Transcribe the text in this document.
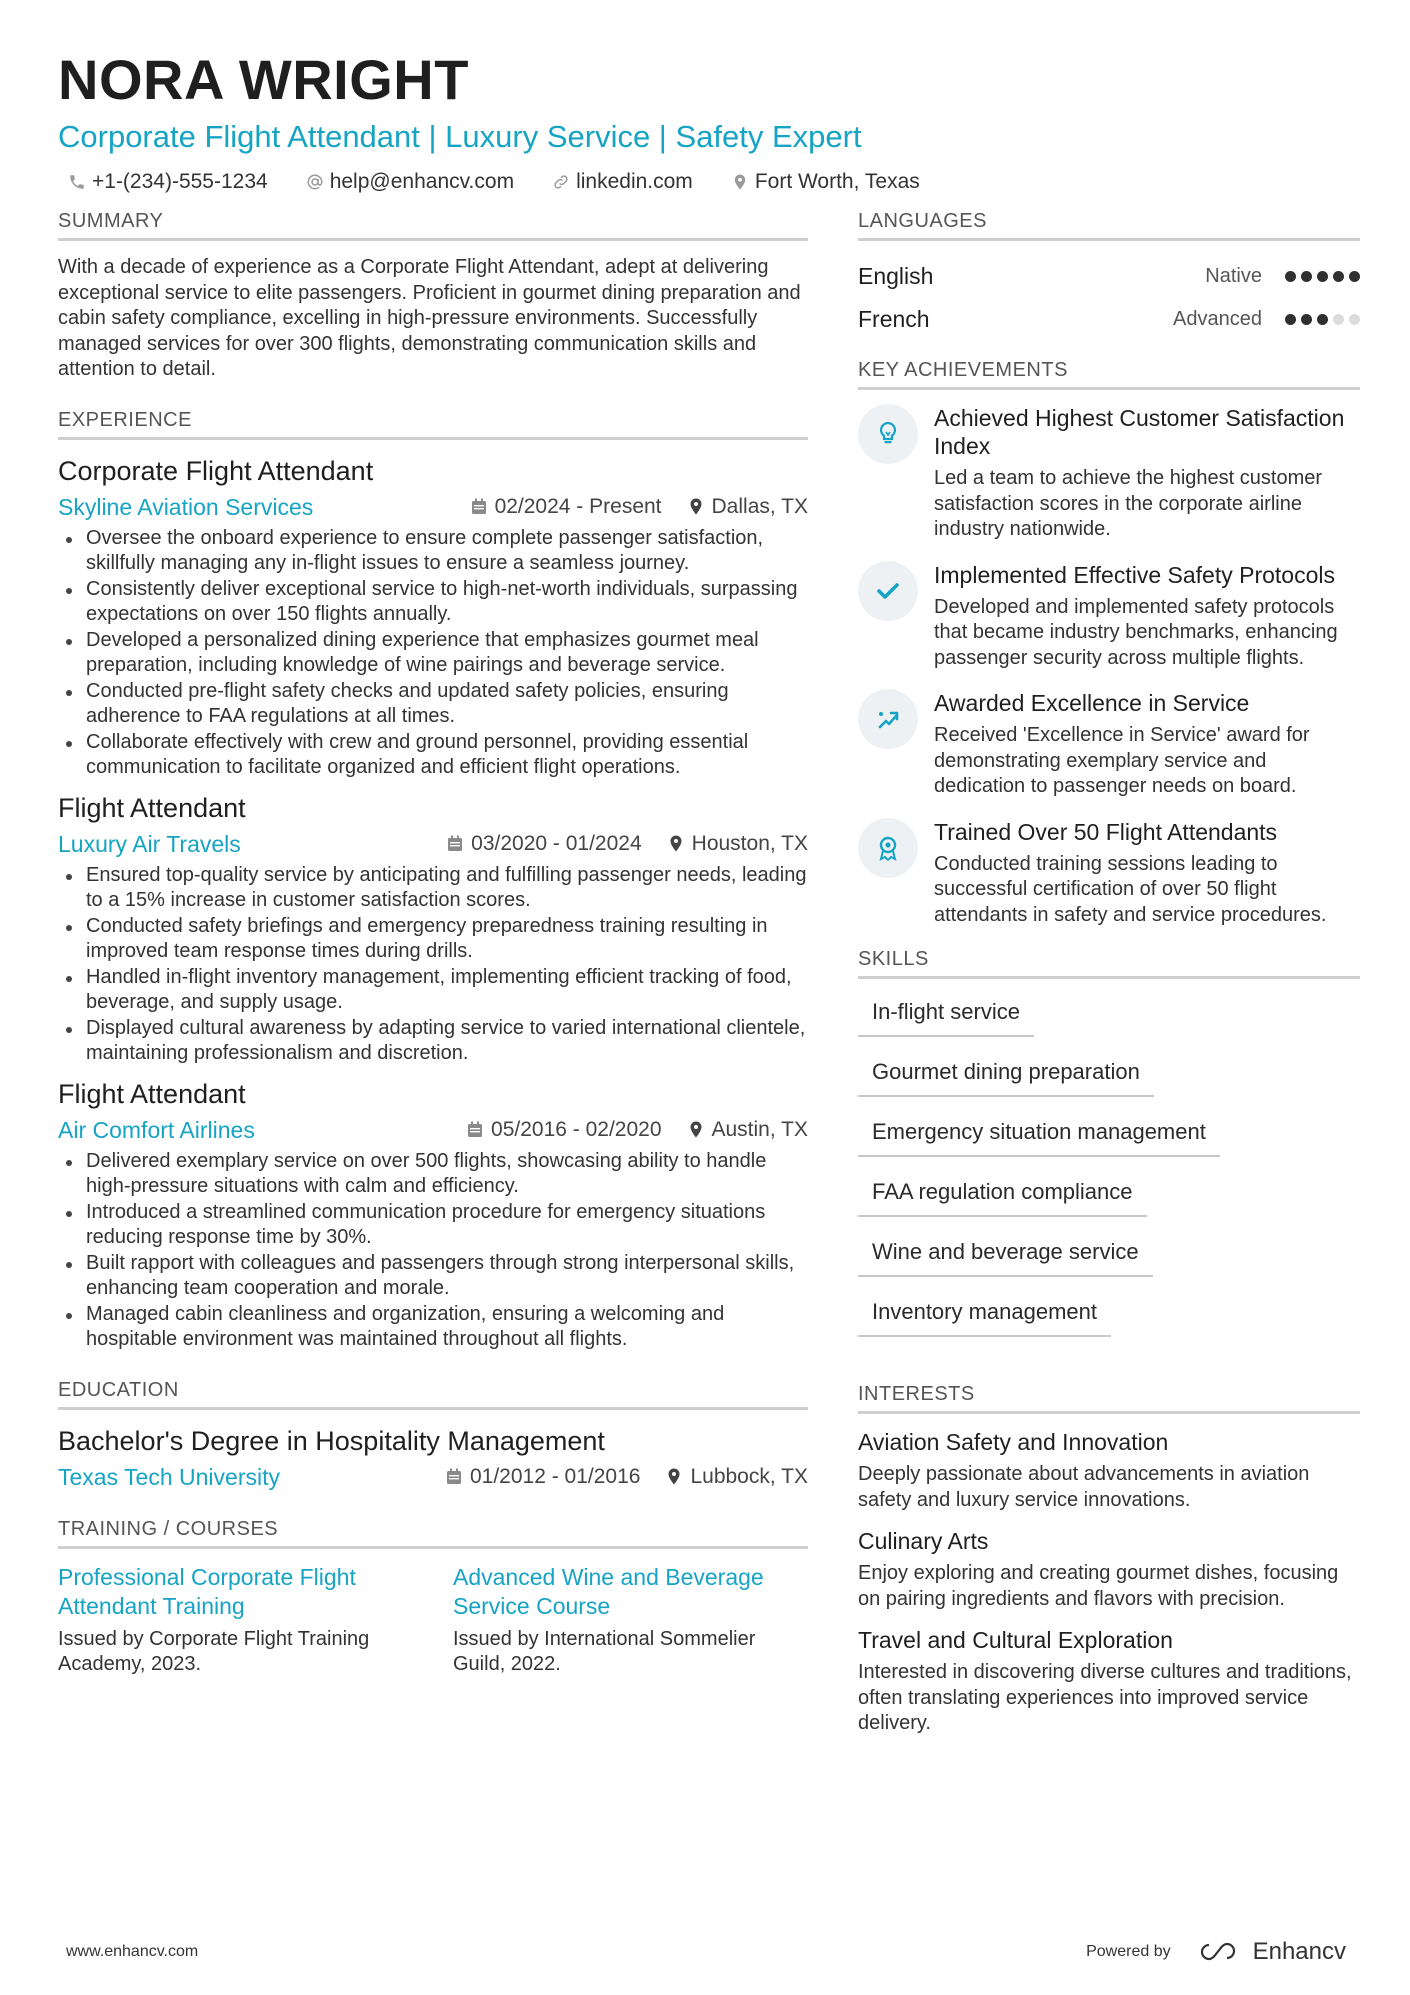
NORA WRIGHT
Corporate Flight Attendant | Luxury Service | Safety Expert
+1-(234)-555-1234	help@enhancv.com	linkedin.com	Fort Worth, Texas
SUMMARY
With a decade of experience as a Corporate Flight Attendant, adept at delivering exceptional service to elite passengers. Proficient in gourmet dining preparation and cabin safety compliance, excelling in high-pressure environments. Successfully managed services for over 300 flights, demonstrating communication skills and attention to detail.
EXPERIENCE
Corporate Flight Attendant
Skyline Aviation Services	02/2024 - Present Dallas, TX
Oversee the onboard experience to ensure complete passenger satisfaction, skillfully managing any in-flight issues to ensure a seamless journey.
Consistently deliver exceptional service to high-net-worth individuals, surpassing expectations on over 150 flights annually.
Developed a personalized dining experience that emphasizes gourmet meal preparation, including knowledge of wine pairings and beverage service.
Conducted pre-flight safety checks and updated safety policies, ensuring adherence to FAA regulations at all times.
Collaborate effectively with crew and ground personnel, providing essential communication to facilitate organized and efficient flight operations.
Flight Attendant
Luxury Air Travels	03/2020 - 01/2024 Houston, TX
Ensured top-quality service by anticipating and fulfilling passenger needs, leading to a 15% increase in customer satisfaction scores.
Conducted safety briefings and emergency preparedness training resulting in improved team response times during drills.
Handled in-flight inventory management, implementing efficient tracking of food, beverage, and supply usage.
Displayed cultural awareness by adapting service to varied international clientele, maintaining professionalism and discretion.
Flight Attendant
Air Comfort Airlines	05/2016 - 02/2020 Austin, TX
Delivered exemplary service on over 500 flights, showcasing ability to handle high-pressure situations with calm and efficiency.
Introduced a streamlined communication procedure for emergency situations reducing response time by 30%.
Built rapport with colleagues and passengers through strong interpersonal skills, enhancing team cooperation and morale.
Managed cabin cleanliness and organization, ensuring a welcoming and hospitable environment was maintained throughout all flights.
EDUCATION
Bachelor's Degree in Hospitality Management
Texas Tech University	01/2012 - 01/2016 Lubbock, TX
TRAINING / COURSES
Professional Corporate Flight Attendant Training
Issued by Corporate Flight Training Academy, 2023.
Advanced Wine and Beverage Service Course
Issued by International Sommelier Guild, 2022.
LANGUAGES
English	Native
French	Advanced
KEY ACHIEVEMENTS
Achieved Highest Customer Satisfaction Index
Led a team to achieve the highest customer satisfaction scores in the corporate airline industry nationwide.
Implemented Effective Safety Protocols
Developed and implemented safety protocols that became industry benchmarks, enhancing passenger security across multiple flights.
Awarded Excellence in Service
Received 'Excellence in Service' award for demonstrating exemplary service and dedication to passenger needs on board.
Trained Over 50 Flight Attendants
Conducted training sessions leading to successful certification of over 50 flight attendants in safety and service procedures.
SKILLS
In-flight service
Gourmet dining preparation
Emergency situation management
FAA regulation compliance
Wine and beverage service
Inventory management
INTERESTS
Aviation Safety and Innovation
Deeply passionate about advancements in aviation safety and luxury service innovations.
Culinary Arts
Enjoy exploring and creating gourmet dishes, focusing on pairing ingredients and flavors with precision.
Travel and Cultural Exploration
Interested in discovering diverse cultures and traditions, often translating experiences into improved service delivery.
www.enhancv.com	Powered by	Enhancv
